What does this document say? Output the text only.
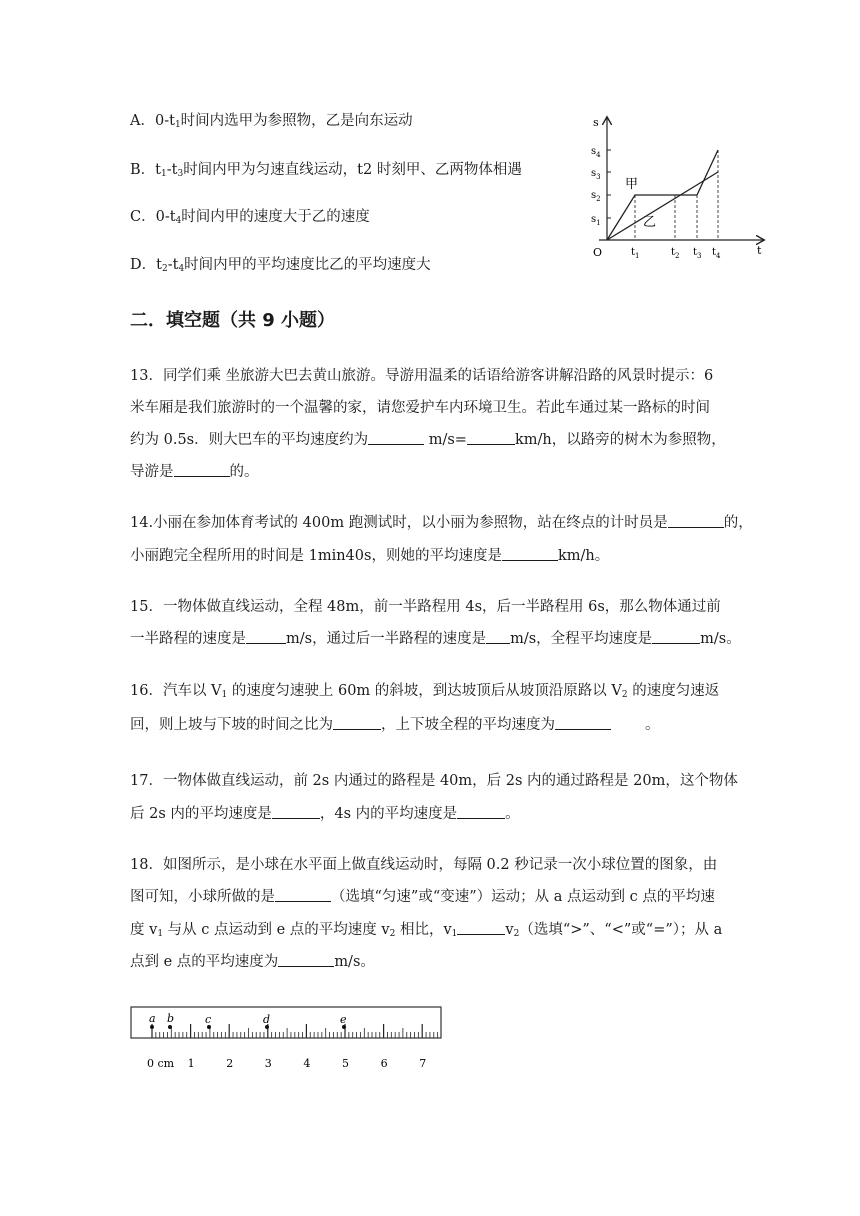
A．$0-t_1$时间内选甲为参照物，乙是向东运动
B．$t_1-t_3$时间内甲为匀速直线运动，t2 时刻甲、乙两物体相遇
C．$0-t_4$时间内甲的速度大于乙的速度
D．$t_2-t_4$时间内甲的平均速度比乙的平均速度大
s
t
O
$s_4$
$s_3$
$s_2$
$s_1$
$t_1$	$t_2$ $t_3$ $t_4$
甲
乙
二．填空题（共 9 小题）
13．同学们乘 坐旅游大巴去黄山旅游。导游用温柔的话语给游客讲解沿路的风景时提示：6
米车厢是我们旅游时的一个温馨的家，请您爱护车内环境卫生。若此车通过某一路标的时间
约为 0.5s．则大巴车的平均速度约为	m/s=	km/h，以路旁的树木为参照物，
导游是	的。
14.小丽在参加体育考试的 400m 跑测试时，以小丽为参照物，站在终点的计时员是	的，
小丽跑完全程所用的时间是 1min40s，则她的平均速度是	km/h。
15．一物体做直线运动，全程 48m，前一半路程用 4s，后一半路程用 6s，那么物体通过前
一半路程的速度是	m/s，通过后一半路程的速度是 m/s，全程平均速度是	m/s。
16．汽车以 $V_1$ 的速度匀速驶上 60m 的斜坡，到达坡顶后从坡顶沿原路以 $V_2$ 的速度匀速返
回，则上坡与下坡的时间之比为	，上下坡全程的平均速度为	。
17．一物体做直线运动，前 2s 内通过的路程是 40m，后 2s 内的通过路程是 20m，这个物体
后 2s 内的平均速度是	，4s 内的平均速度是	。
18．如图所示，是小球在水平面上做直线运动时，每隔 0.2 秒记录一次小球位置的图象，由
图可知，小球所做的是	（选填“匀速”或“变速”）运动；从 a 点运动到 c 点的平均速
度 $v_1$ 与从 c 点运动到 e 点的平均速度 $v_2$ 相比，$v_1$	$v_2$（选填“>”、“<”或“=”）；从 a
点到 e 点的平均速度为	m/s。
a b	c	d	e
0 cm 1	2	3	4	5	6	7
